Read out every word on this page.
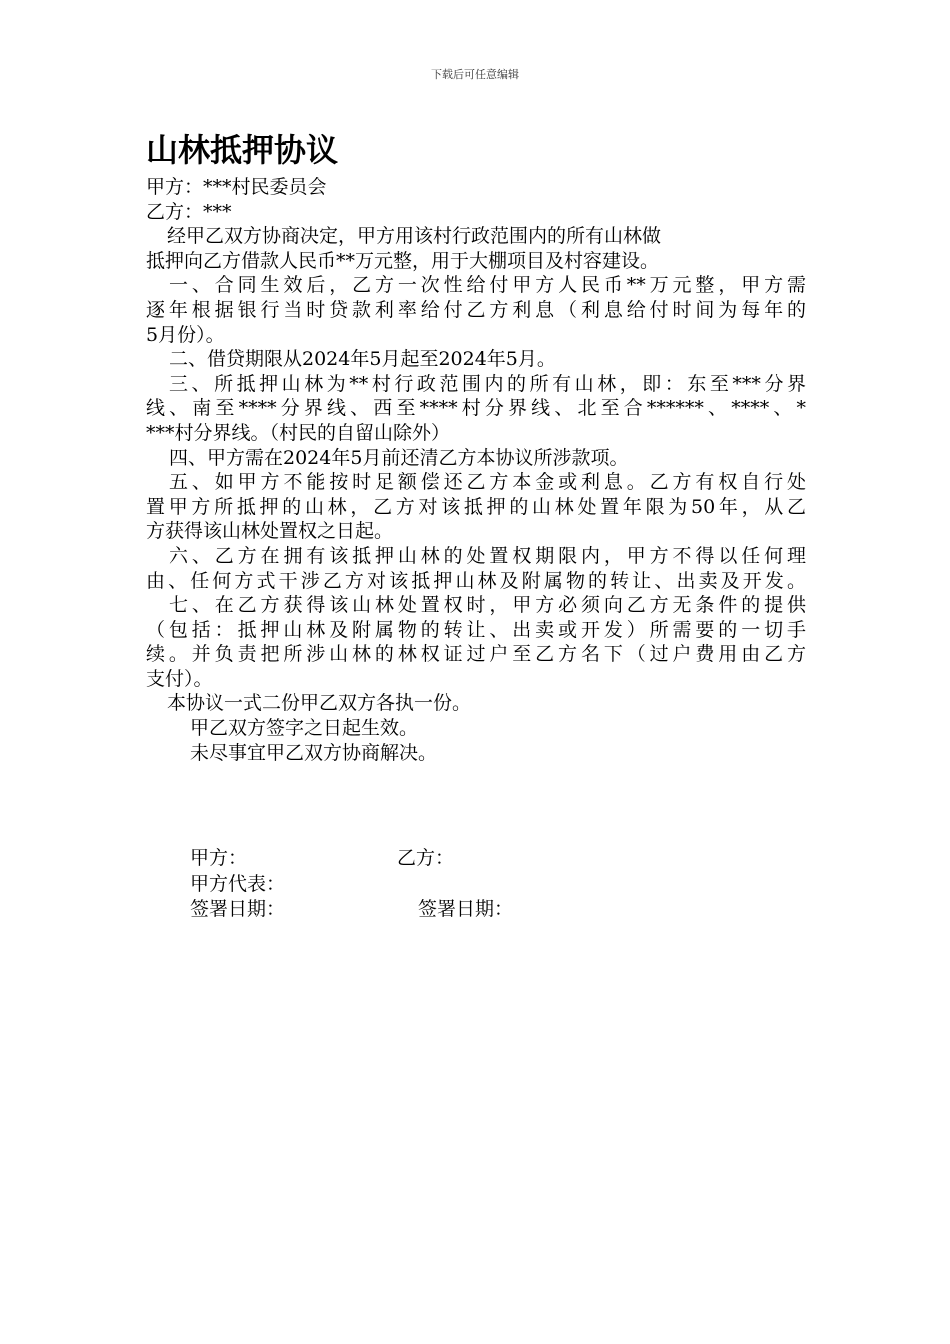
下载后可任意编辑
山林抵押协议
甲方：***村民委员会
乙方：***
经甲乙双方协商决定，甲方用该村行政范围内的所有山林做
抵押向乙方借款人民币**万元整，用于大棚项目及村容建设。
一、合同生效后，乙方一次性给付甲方人民币**万元整，甲方需
逐年根据银行当时贷款利率给付乙方利息（利息给付时间为每年的
5月份）。
二、借贷期限从2024年5月起至2024年5月。
三、所抵押山林为**村行政范围内的所有山林，即：东至***分界
线、南至****分界线、西至****村分界线、北至合******、****、*
***村分界线。（村民的自留山除外）
四、甲方需在2024年5月前还清乙方本协议所涉款项。
五、如甲方不能按时足额偿还乙方本金或利息。乙方有权自行处
置甲方所抵押的山林，乙方对该抵押的山林处置年限为50年，从乙
方获得该山林处置权之日起。
六、乙方在拥有该抵押山林的处置权期限内，甲方不得以任何理
由、任何方式干涉乙方对该抵押山林及附属物的转让、出卖及开发。
七、在乙方获得该山林处置权时，甲方必须向乙方无条件的提供
（包括：抵押山林及附属物的转让、出卖或开发）所需要的一切手
续。并负责把所涉山林的林权证过户至乙方名下（过户费用由乙方
支付）。
本协议一式二份甲乙双方各执一份。
甲乙双方签字之日起生效。
未尽事宜甲乙双方协商解决。
甲方：	乙方：
甲方代表：
签署日期：	签署日期：
